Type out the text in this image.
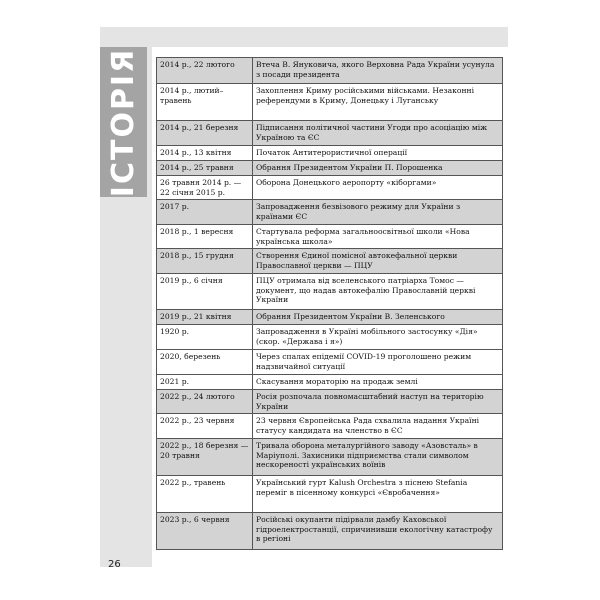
ІСТОРІЯ	2014 р., 22 лютого	Втеча В. Януковича, якого Верховна Рада України усунула з посади президента
2014 р., лютий–травень	Захоплення Криму російськими військами. Незаконні референдуми в Криму, Донецьку і Луганську
2014 р., 21 березня	Підписання політичної частини Угоди про асоціацію між Україною та ЄС
2014 р., 13 квітня	Початок Антитерористичної операції
2014 р., 25 травня	Обрання Президентом України П. Порошенка
26 травня 2014 р. — 22 січня 2015 р.	Оборона Донецького аеропорту «кіборгами»
2017 р.	Запровадження безвізового режиму для України з країнами ЄС
2018 р., 1 вересня	Стартувала реформа загальноосвітньої школи «Нова українська школа»
2018 р., 15 грудня	Створення Єдиної помісної автокефальної церкви Православної церкви — ПЦУ
2019 р., 6 січня	ПЦУ отримала від вселенського патріарха Томос — документ, що надав автокефалію Православній церкві України
2019 р., 21 квітня	Обрання Президентом України В. Зеленського
1920 р.	Запровадження в Україні мобільного застосунку «Дія» (скор. «Держава і я»)
2020, березень	Через спалах епідемії COVID-19 проголошено режим надзвичайної ситуації
2021 р.	Скасування мораторію на продаж землі
2022 р., 24 лютого	Росія розпочала повномасштабний наступ на територію України
2022 р., 23 червня	23 червня Європейська Рада схвалила надання Україні статусу кандидата на членство в ЄС
2022 р., 18 березня — 20 травня	Тривала оборона металургійного заводу «Азовсталь» в Маріуполі. Захисники підприємства стали символом нескореності українських воїнів
2022 р., травень	Український гурт Kalush Orchestra з піснею Stefania переміг в пісенному конкурсі «Євробачення»
2023 р., 6 червня	Російські окупанти підірвали дамбу Каховської гідроелектростанції, спричинивши екологічну катастрофу в регіоні
26
